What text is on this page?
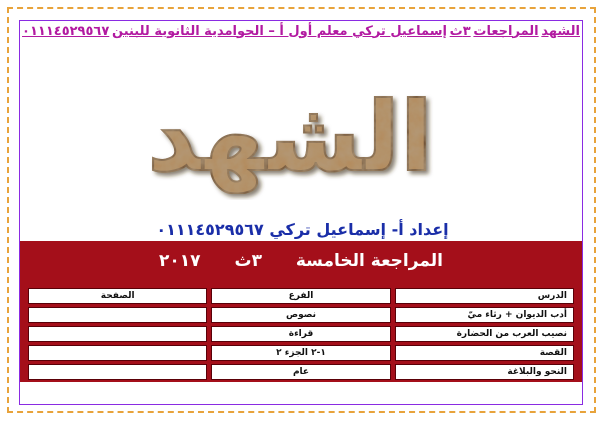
الشهد
المراجعات
٣ث
إسماعيل تركي معلم أول أ – الحوامدية الثانوية للبنين
٠١١١٤٥٢٩٥٦٧
الشهد
إعداد أ- إسماعيل تركي ٠١١١٤٥٢٩٥٦٧
المراجعة الخامسة ٣ث ٢٠١٧
الدرس	الفرع	الصفحة
أدب الديوان + رثاء ميّ	نصوص	
نصيب العرب من الحضارة	قراءة	
القصة	١-٢ الجزء ٢	
النحو والبلاغة	عام	
